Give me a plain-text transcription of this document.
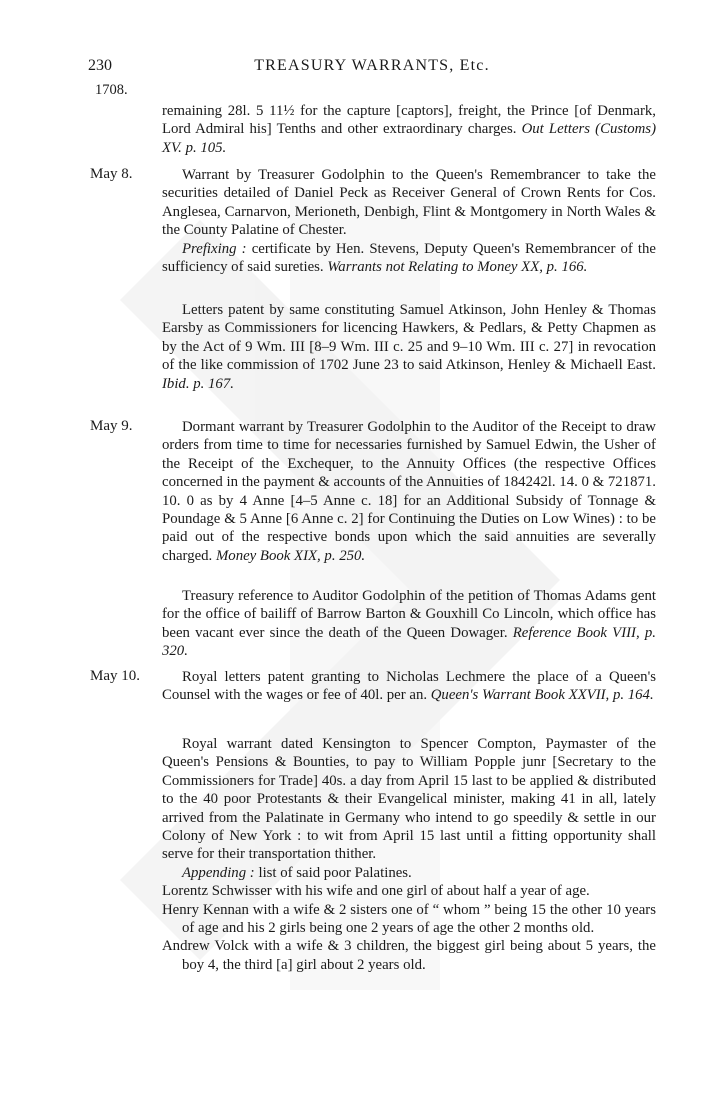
230	TREASURY WARRANTS, Etc.
1708.

remaining 28l. 5 11½ for the capture [captors], freight, the Prince [of Denmark, Lord Admiral his] Tenths and other extraordinary charges. Out Letters (Customs) XV. p. 105.

May 8.	Warrant by Treasurer Godolphin to the Queen's Remembrancer to take the securities detailed of Daniel Peck as Receiver General of Crown Rents for Cos. Anglesea, Carnarvon, Merioneth, Denbigh, Flint & Montgomery in North Wales & the County Palatine of Chester.

Prefixing : certificate by Hen. Stevens, Deputy Queen's Remembrancer of the sufficiency of said sureties. Warrants not Relating to Money XX, p. 166.

Letters patent by same constituting Samuel Atkinson, John Henley & Thomas Earsby as Commissioners for licencing Hawkers, & Pedlars, & Petty Chapmen as by the Act of 9 Wm. III [8–9 Wm. III c. 25 and 9–10 Wm. III c. 27] in revocation of the like commission of 1702 June 23 to said Atkinson, Henley & Michaell East. Ibid. p. 167.

May 9.	Dormant warrant by Treasurer Godolphin to the Auditor of the Receipt to draw orders from time to time for necessaries furnished by Samuel Edwin, the Usher of the Receipt of the Exchequer, to the Annuity Offices (the respective Offices concerned in the payment & accounts of the Annuities of 184242l. 14. 0 & 721871. 10. 0 as by 4 Anne [4–5 Anne c. 18] for an Additional Subsidy of Tonnage & Poundage & 5 Anne [6 Anne c. 2] for Continuing the Duties on Low Wines) : to be paid out of the respective bonds upon which the said annuities are severally charged. Money Book XIX, p. 250.

Treasury reference to Auditor Godolphin of the petition of Thomas Adams gent for the office of bailiff of Barrow Barton & Gouxhill Co Lincoln, which office has been vacant ever since the death of the Queen Dowager. Reference Book VIII, p. 320.

May 10.	Royal letters patent granting to Nicholas Lechmere the place of a Queen's Counsel with the wages or fee of 40l. per an. Queen's Warrant Book XXVII, p. 164.

Royal warrant dated Kensington to Spencer Compton, Paymaster of the Queen's Pensions & Bounties, to pay to William Popple junr [Secretary to the Commissioners for Trade] 40s. a day from April 15 last to be applied & distributed to the 40 poor Protestants & their Evangelical minister, making 41 in all, lately arrived from the Palatinate in Germany who intend to go speedily & settle in our Colony of New York : to wit from April 15 last until a fitting opportunity shall serve for their transportation thither.

Appending : list of said poor Palatines.

Lorentz Schwisser with his wife and one girl of about half a year of age.

Henry Kennan with a wife & 2 sisters one of “ whom ” being 15 the other 10 years of age and his 2 girls being one 2 years of age the other 2 months old.

Andrew Volck with a wife & 3 children, the biggest girl being about 5 years, the boy 4, the third [a] girl about 2 years old.
